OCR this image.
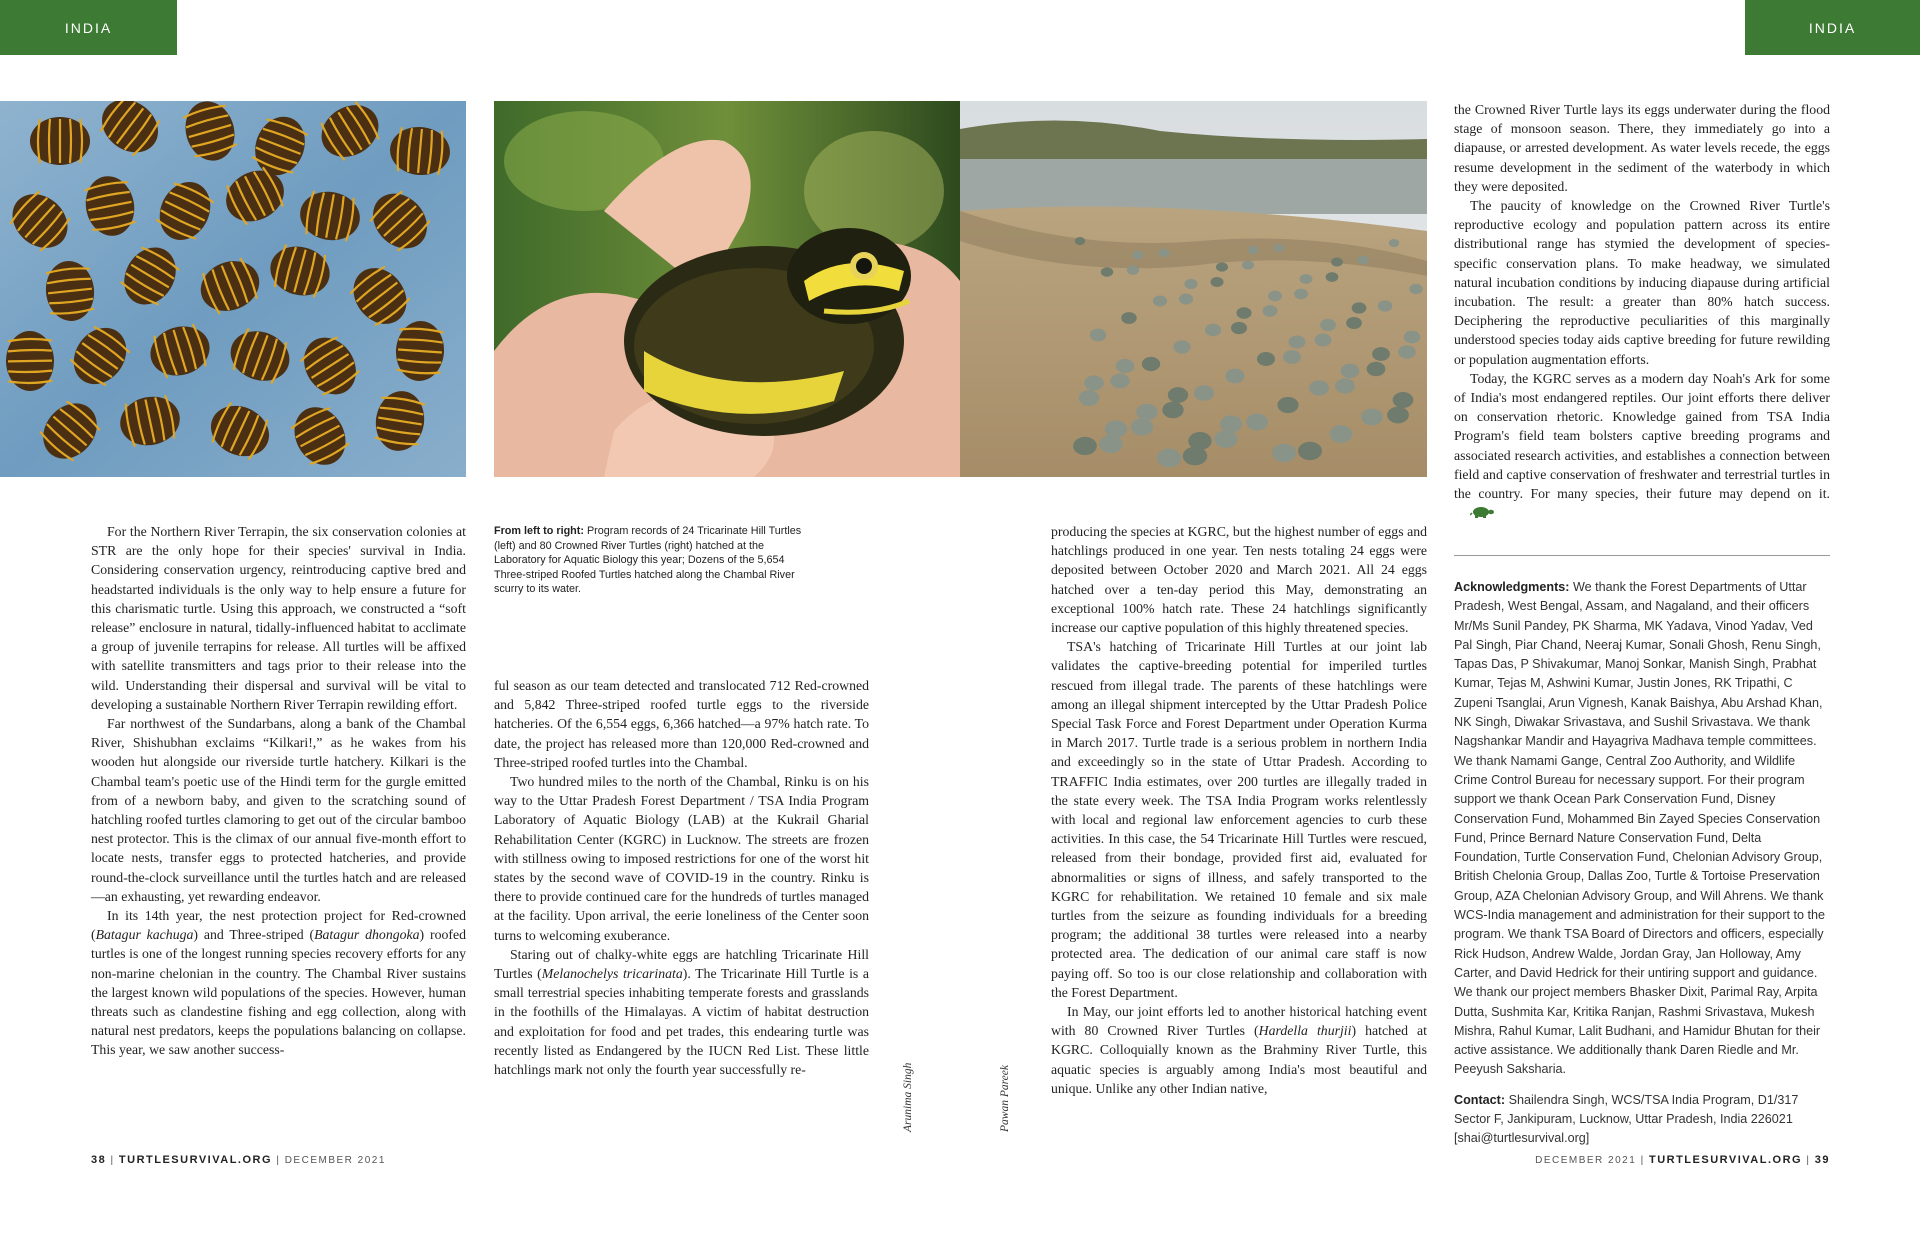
INDIA	INDIA

For the Northern River Terrapin, the six conservation colonies at STR are the only hope for their species' survival in India. Considering conservation urgency, reintroducing captive bred and headstarted individuals is the only way to help ensure a future for this charismatic turtle. Using this approach, we constructed a “soft release” enclosure in natural, tidally-influenced habitat to acclimate a group of juvenile terrapins for release. All turtles will be affixed with satellite transmitters and tags prior to their release into the wild. Understanding their dispersal and survival will be vital to developing a sustainable Northern River Terrapin rewilding effort.

Far northwest of the Sundarbans, along a bank of the Chambal River, Shishubhan exclaims “Kilkari!,” as he wakes from his wooden hut alongside our riverside turtle hatchery. Kilkari is the Chambal team's poetic use of the Hindi term for the gurgle emitted from of a newborn baby, and given to the scratching sound of hatchling roofed turtles clamoring to get out of the circular bamboo nest protector. This is the climax of our annual five-month effort to locate nests, transfer eggs to protected hatcheries, and provide round-the-clock surveillance until the turtles hatch and are released—an exhausting, yet rewarding endeavor.

In its 14th year, the nest protection project for Red-crowned (Batagur kachuga) and Three-striped (Batagur dhongoka) roofed turtles is one of the longest running species recovery efforts for any non-marine chelonian in the country. The Chambal River sustains the largest known wild populations of the species. However, human threats such as clandestine fishing and egg collection, along with natural nest predators, keeps the populations balancing on collapse. This year, we saw another success-

From left to right: Program records of 24 Tricarinate Hill Turtles (left) and 80 Crowned River Turtles (right) hatched at the Laboratory for Aquatic Biology this year; Dozens of the 5,654 Three-striped Roofed Turtles hatched along the Chambal River scurry to its water.

ful season as our team detected and translocated 712 Red-crowned and 5,842 Three-striped roofed turtle eggs to the riverside hatcheries. Of the 6,554 eggs, 6,366 hatched—a 97% hatch rate. To date, the project has released more than 120,000 Red-crowned and Three-striped roofed turtles into the Chambal.

Two hundred miles to the north of the Chambal, Rinku is on his way to the Uttar Pradesh Forest Department / TSA India Program Laboratory of Aquatic Biology (LAB) at the Kukrail Gharial Rehabilitation Center (KGRC) in Lucknow. The streets are frozen with stillness owing to imposed restrictions for one of the worst hit states by the second wave of COVID-19 in the country. Rinku is there to provide continued care for the hundreds of turtles managed at the facility. Upon arrival, the eerie loneliness of the Center soon turns to welcoming exuberance.

Staring out of chalky-white eggs are hatchling Tricarinate Hill Turtles (Melanochelys tricarinata). The Tricarinate Hill Turtle is a small terrestrial species inhabiting temperate forests and grasslands in the foothills of the Himalayas. A victim of habitat destruction and exploitation for food and pet trades, this endearing turtle was recently listed as Endangered by the IUCN Red List. These little hatchlings mark not only the fourth year successfully re-	Arunima Singh	Pawan Pareek

producing the species at KGRC, but the highest number of eggs and hatchlings produced in one year. Ten nests totaling 24 eggs were deposited between October 2020 and March 2021. All 24 eggs hatched over a ten-day period this May, demonstrating an exceptional 100% hatch rate. These 24 hatchlings significantly increase our captive population of this highly threatened species.

TSA's hatching of Tricarinate Hill Turtles at our joint lab validates the captive-breeding potential for imperiled turtles rescued from illegal trade. The parents of these hatchlings were among an illegal shipment intercepted by the Uttar Pradesh Police Special Task Force and Forest Department under Operation Kurma in March 2017. Turtle trade is a serious problem in northern India and exceedingly so in the state of Uttar Pradesh. According to TRAFFIC India estimates, over 200 turtles are illegally traded in the state every week. The TSA India Program works relentlessly with local and regional law enforcement agencies to curb these activities. In this case, the 54 Tricarinate Hill Turtles were rescued, released from their bondage, provided first aid, evaluated for abnormalities or signs of illness, and safely transported to the KGRC for rehabilitation. We retained 10 female and six male turtles from the seizure as founding individuals for a breeding program; the additional 38 turtles were released into a nearby protected area. The dedication of our animal care staff is now paying off. So too is our close relationship and collaboration with the Forest Department.

In May, our joint efforts led to another historical hatching event with 80 Crowned River Turtles (Hardella thurjii) hatched at KGRC. Colloquially known as the Brahminy River Turtle, this aquatic species is arguably among India's most beautiful and unique. Unlike any other Indian native,

the Crowned River Turtle lays its eggs underwater during the flood stage of monsoon season. There, they immediately go into a diapause, or arrested development. As water levels recede, the eggs resume development in the sediment of the waterbody in which they were deposited.

The paucity of knowledge on the Crowned River Turtle's reproductive ecology and population pattern across its entire distributional range has stymied the development of species-specific conservation plans. To make headway, we simulated natural incubation conditions by inducing diapause during artificial incubation. The result: a greater than 80% hatch success. Deciphering the reproductive peculiarities of this marginally understood species today aids captive breeding for future rewilding or population augmentation efforts.

Today, the KGRC serves as a modern day Noah's Ark for some of India's most endangered reptiles. Our joint efforts there deliver on conservation rhetoric. Knowledge gained from TSA India Program's field team bolsters captive breeding programs and associated research activities, and establishes a connection between field and captive conservation of freshwater and terrestrial turtles in the country. For many species, their future may depend on it.

Acknowledgments: We thank the Forest Departments of Uttar Pradesh, West Bengal, Assam, and Nagaland, and their officers Mr/Ms Sunil Pandey, PK Sharma, MK Yadava, Vinod Yadav, Ved Pal Singh, Piar Chand, Neeraj Kumar, Sonali Ghosh, Renu Singh, Tapas Das, P Shivakumar, Manoj Sonkar, Manish Singh, Prabhat Kumar, Tejas M, Ashwini Kumar, Justin Jones, RK Tripathi, C Zupeni Tsanglai, Arun Vignesh, Kanak Baishya, Abu Arshad Khan, NK Singh, Diwakar Srivastava, and Sushil Srivastava. We thank Nagshankar Mandir and Hayagriva Madhava temple committees. We thank Namami Gange, Central Zoo Authority, and Wildlife Crime Control Bureau for necessary support. For their program support we thank Ocean Park Conservation Fund, Disney Conservation Fund, Mohammed Bin Zayed Species Conservation Fund, Prince Bernard Nature Conservation Fund, Delta Foundation, Turtle Conservation Fund, Chelonian Advisory Group, British Chelonia Group, Dallas Zoo, Turtle & Tortoise Preservation Group, AZA Chelonian Advisory Group, and Will Ahrens. We thank WCS-India management and administration for their support to the program. We thank TSA Board of Directors and officers, especially Rick Hudson, Andrew Walde, Jordan Gray, Jan Holloway, Amy Carter, and David Hedrick for their untiring support and guidance. We thank our project members Bhasker Dixit, Parimal Ray, Arpita Dutta, Sushmita Kar, Kritika Ranjan, Rashmi Srivastava, Mukesh Mishra, Rahul Kumar, Lalit Budhani, and Hamidur Bhutan for their active assistance. We additionally thank Daren Riedle and Mr. Peeyush Saksharia.

Contact: Shailendra Singh, WCS/TSA India Program, D1/317 Sector F, Jankipuram, Lucknow, Uttar Pradesh, India 226021 [shai@turtlesurvival.org]

38 | TURTLESURVIVAL.ORG | DECEMBER 2021	DECEMBER 2021 | TURTLESURVIVAL.ORG | 39
